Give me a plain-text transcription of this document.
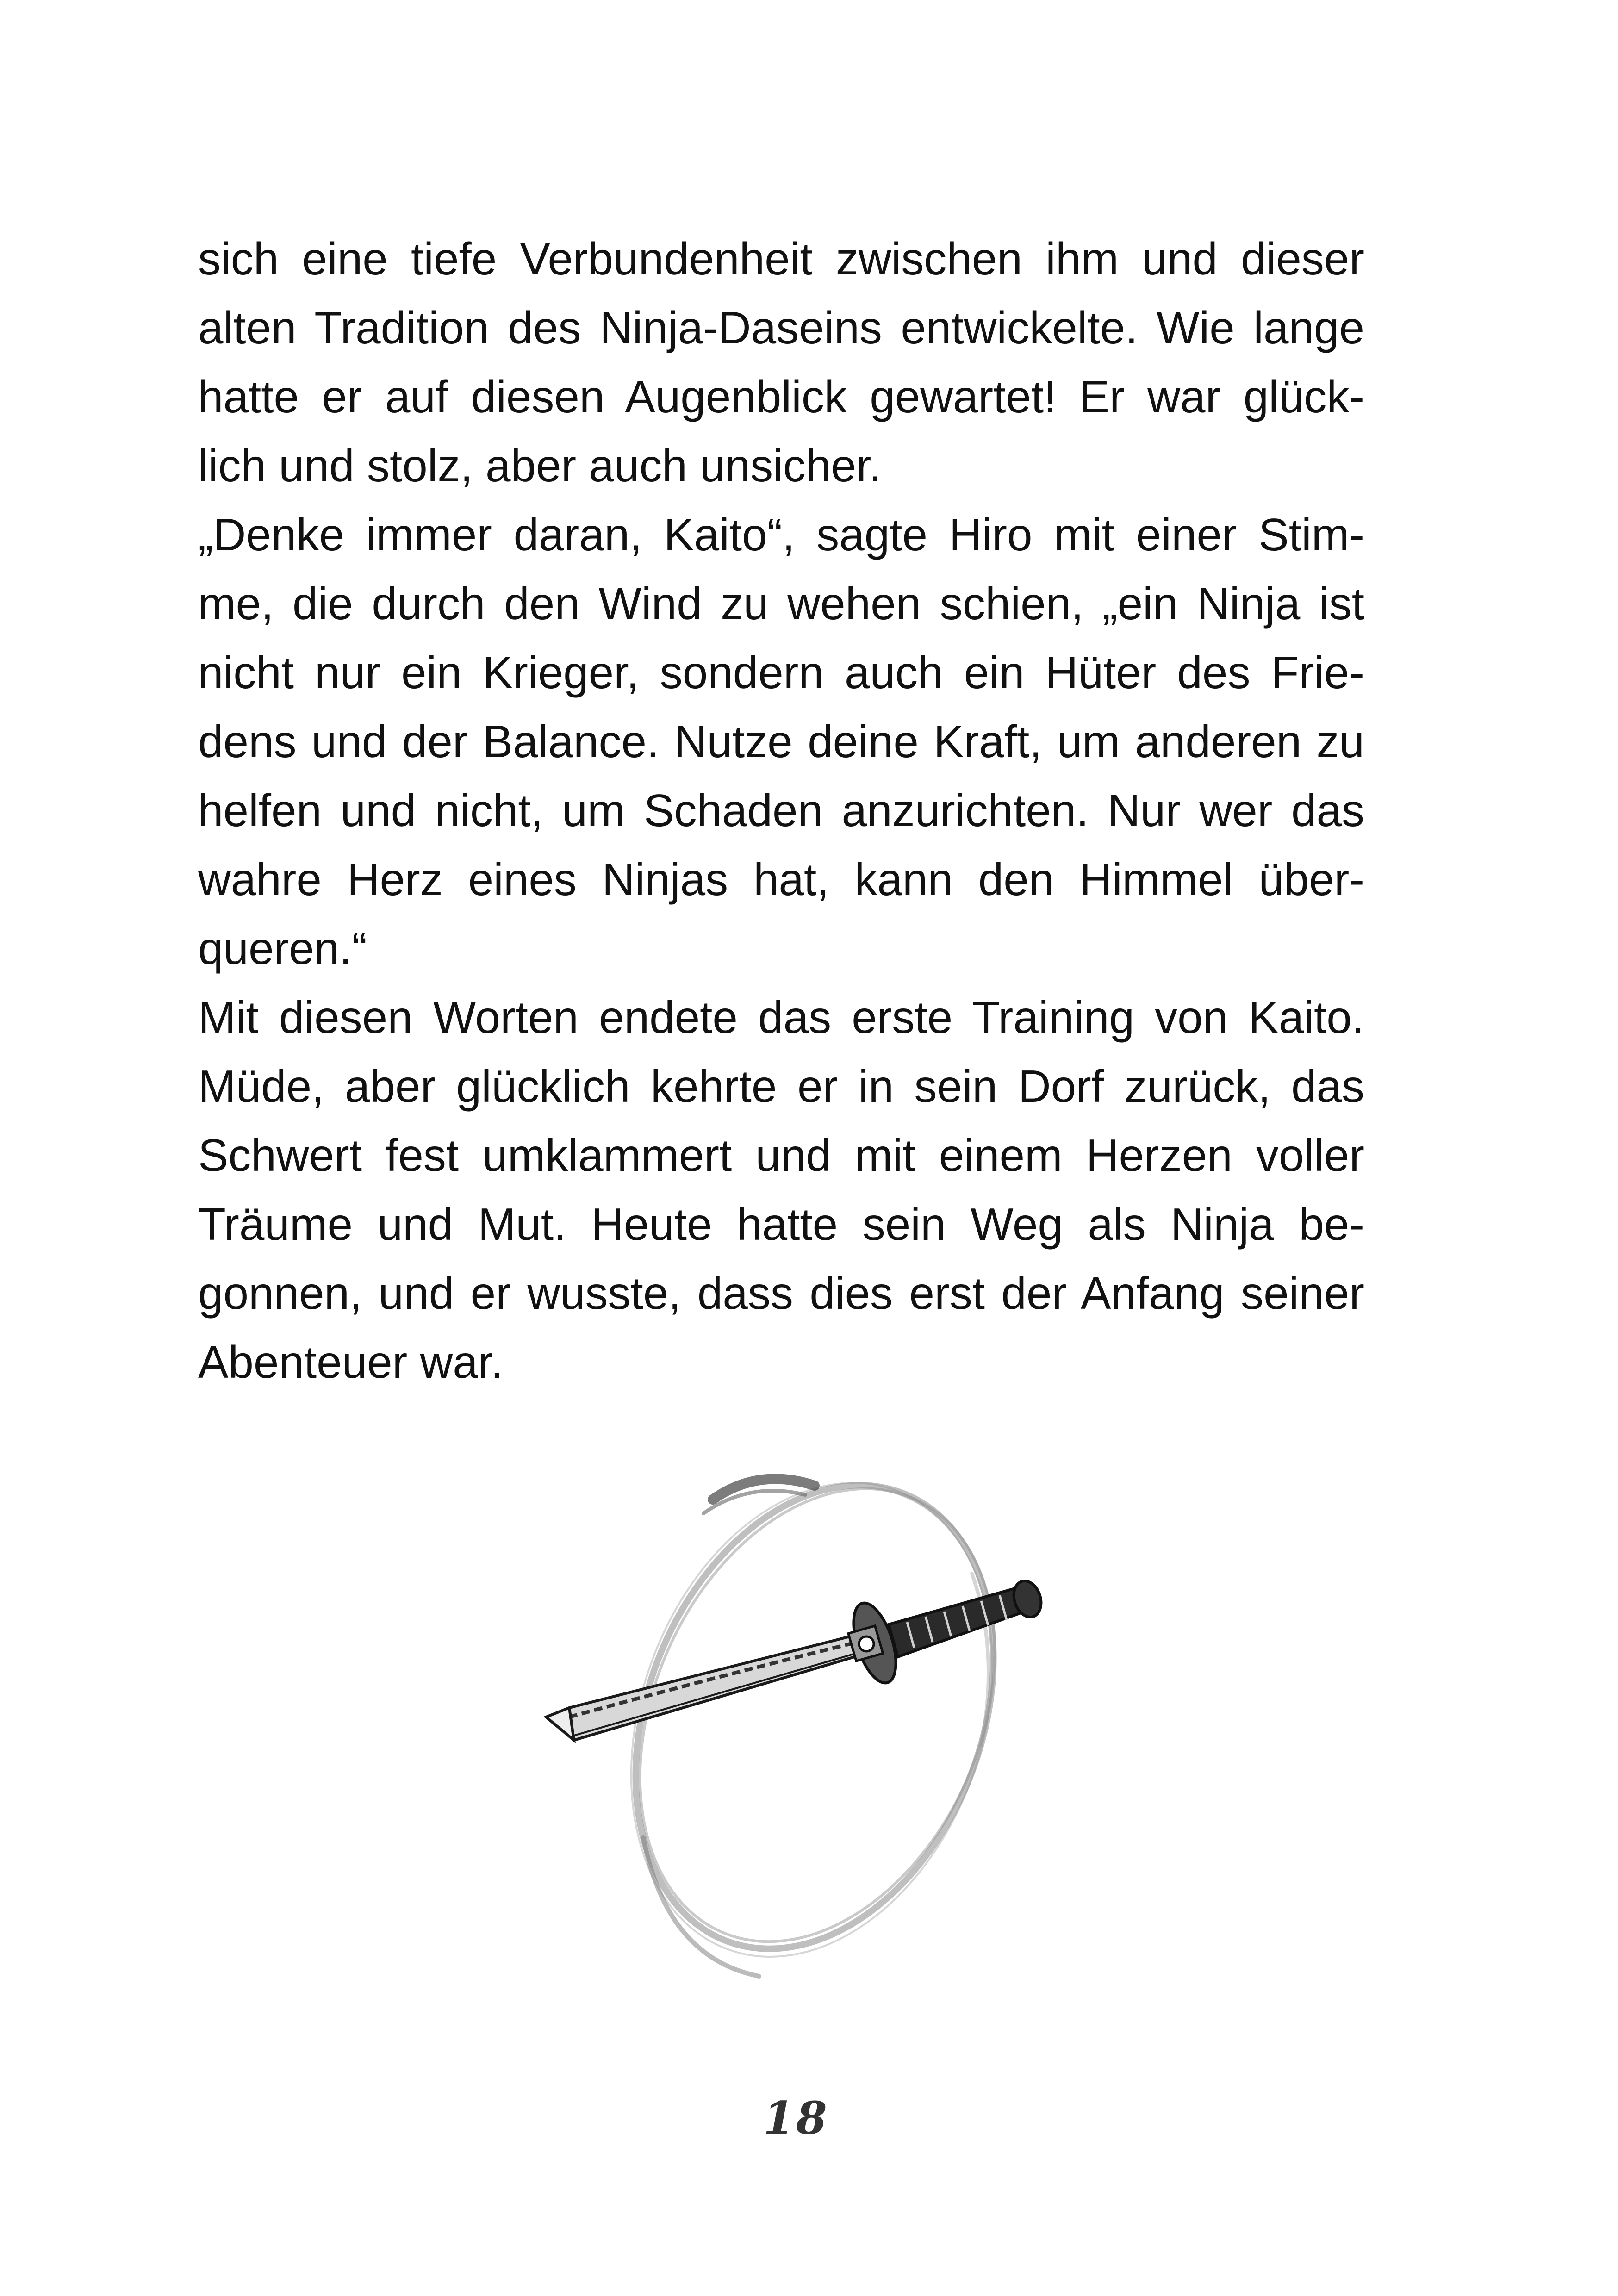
sich eine tiefe Verbundenheit zwischen ihm und dieser
alten Tradition des Ninja-Daseins entwickelte. Wie lange
hatte er auf diesen Augenblick gewartet! Er war glück-
lich und stolz, aber auch unsicher.
„Denke immer daran, Kaito“, sagte Hiro mit einer Stim-
me, die durch den Wind zu wehen schien, „ein Ninja ist
nicht nur ein Krieger, sondern auch ein Hüter des Frie-
dens und der Balance. Nutze deine Kraft, um anderen zu
helfen und nicht, um Schaden anzurichten. Nur wer das
wahre Herz eines Ninjas hat, kann den Himmel über-
queren.“
Mit diesen Worten endete das erste Training von Kaito.
Müde, aber glücklich kehrte er in sein Dorf zurück, das
Schwert fest umklammert und mit einem Herzen voller
Träume und Mut. Heute hatte sein Weg als Ninja be-
gonnen, und er wusste, dass dies erst der Anfang seiner
Abenteuer war.
18
